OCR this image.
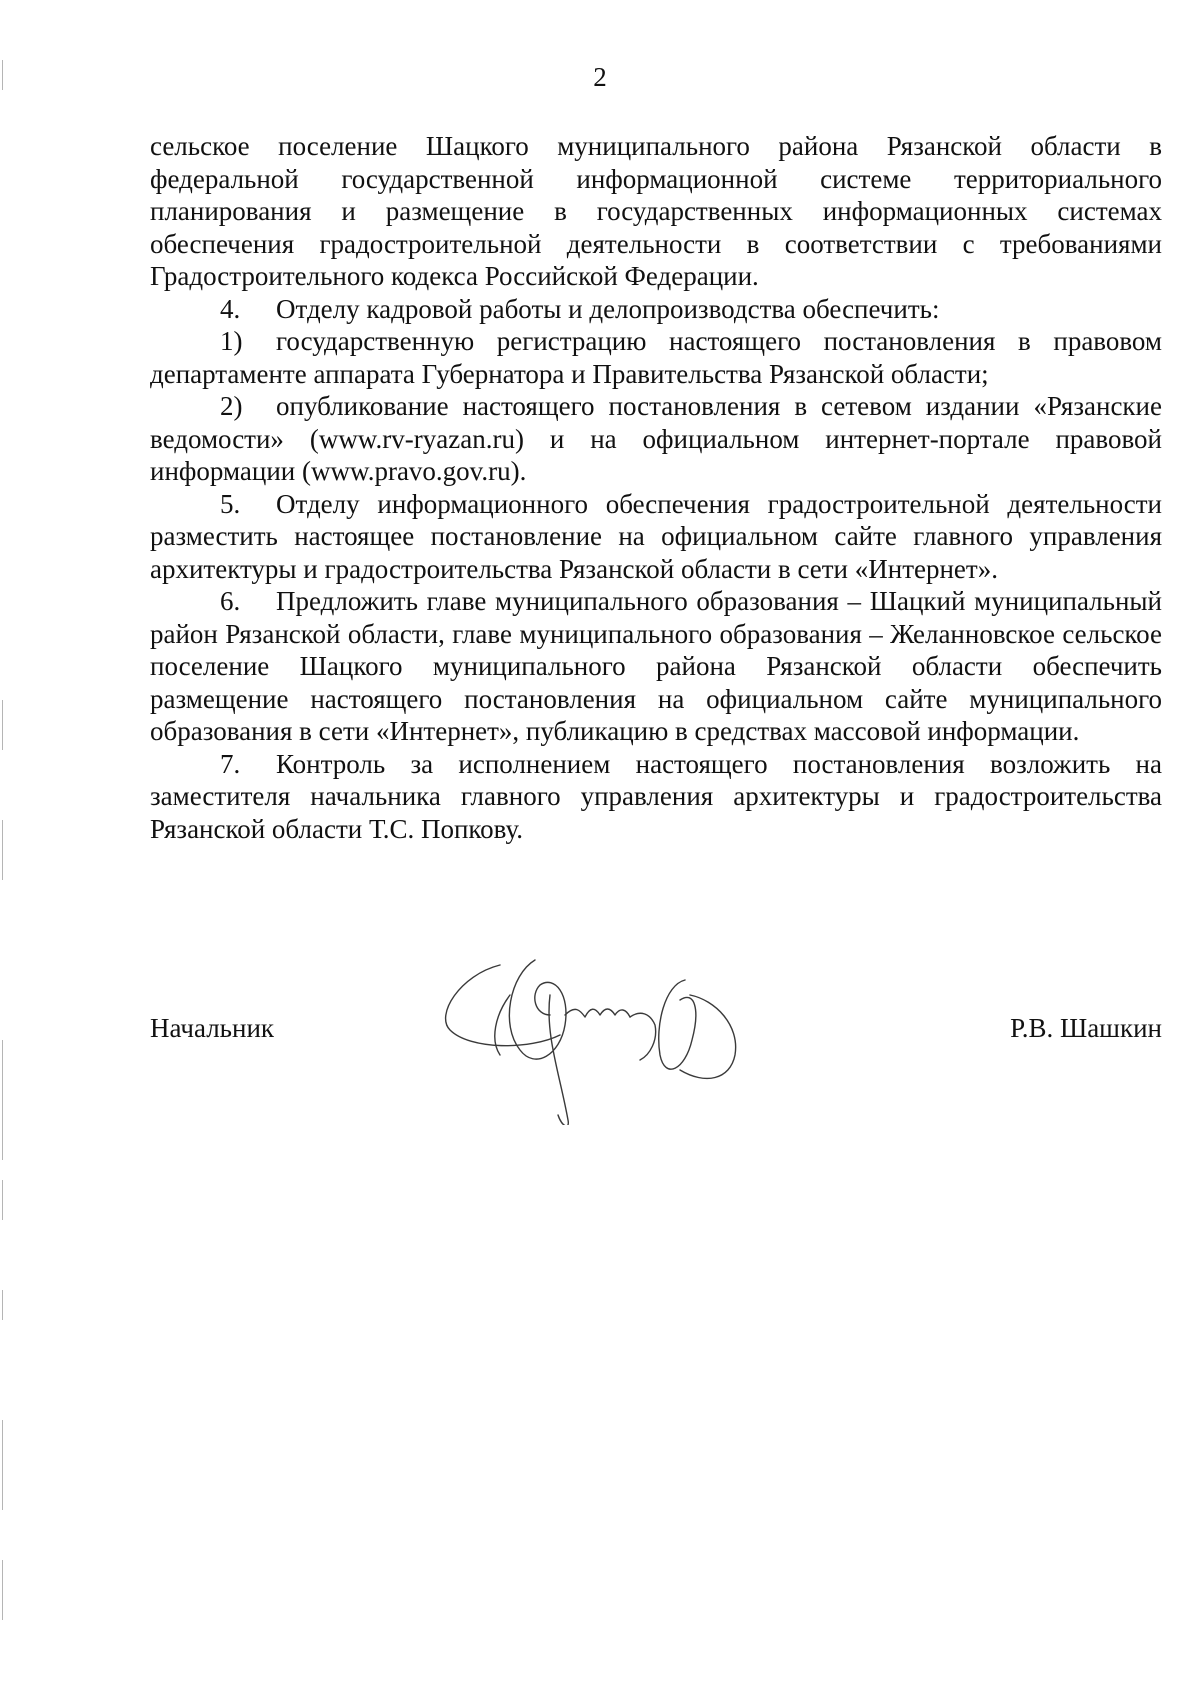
2

сельское поселение Шацкого муниципального района Рязанской области в федеральной государственной информационной системе территориального планирования и размещение в государственных информационных системах обеспечения градостроительной деятельности в соответствии с требованиями Градостроительного кодекса Российской Федерации.

4. Отделу кадровой работы и делопроизводства обеспечить:

1) государственную регистрацию настоящего постановления в правовом департаменте аппарата Губернатора и Правительства Рязанской области;

2) опубликование настоящего постановления в сетевом издании «Рязанские ведомости» (www.rv-ryazan.ru) и на официальном интернет-портале правовой информации (www.pravo.gov.ru).

5. Отделу информационного обеспечения градостроительной деятельности разместить настоящее постановление на официальном сайте главного управления архитектуры и градостроительства Рязанской области в сети «Интернет».

6. Предложить главе муниципального образования – Шацкий муниципальный район Рязанской области, главе муниципального образования – Желанновское сельское поселение Шацкого муниципального района Рязанской области обеспечить размещение настоящего постановления на официальном сайте муниципального образования в сети «Интернет», публикацию в средствах массовой информации.

7. Контроль за исполнением настоящего постановления возложить на заместителя начальника главного управления архитектуры и градостроительства Рязанской области Т.С. Попкову.

Начальник	Р.В. Шашкин
